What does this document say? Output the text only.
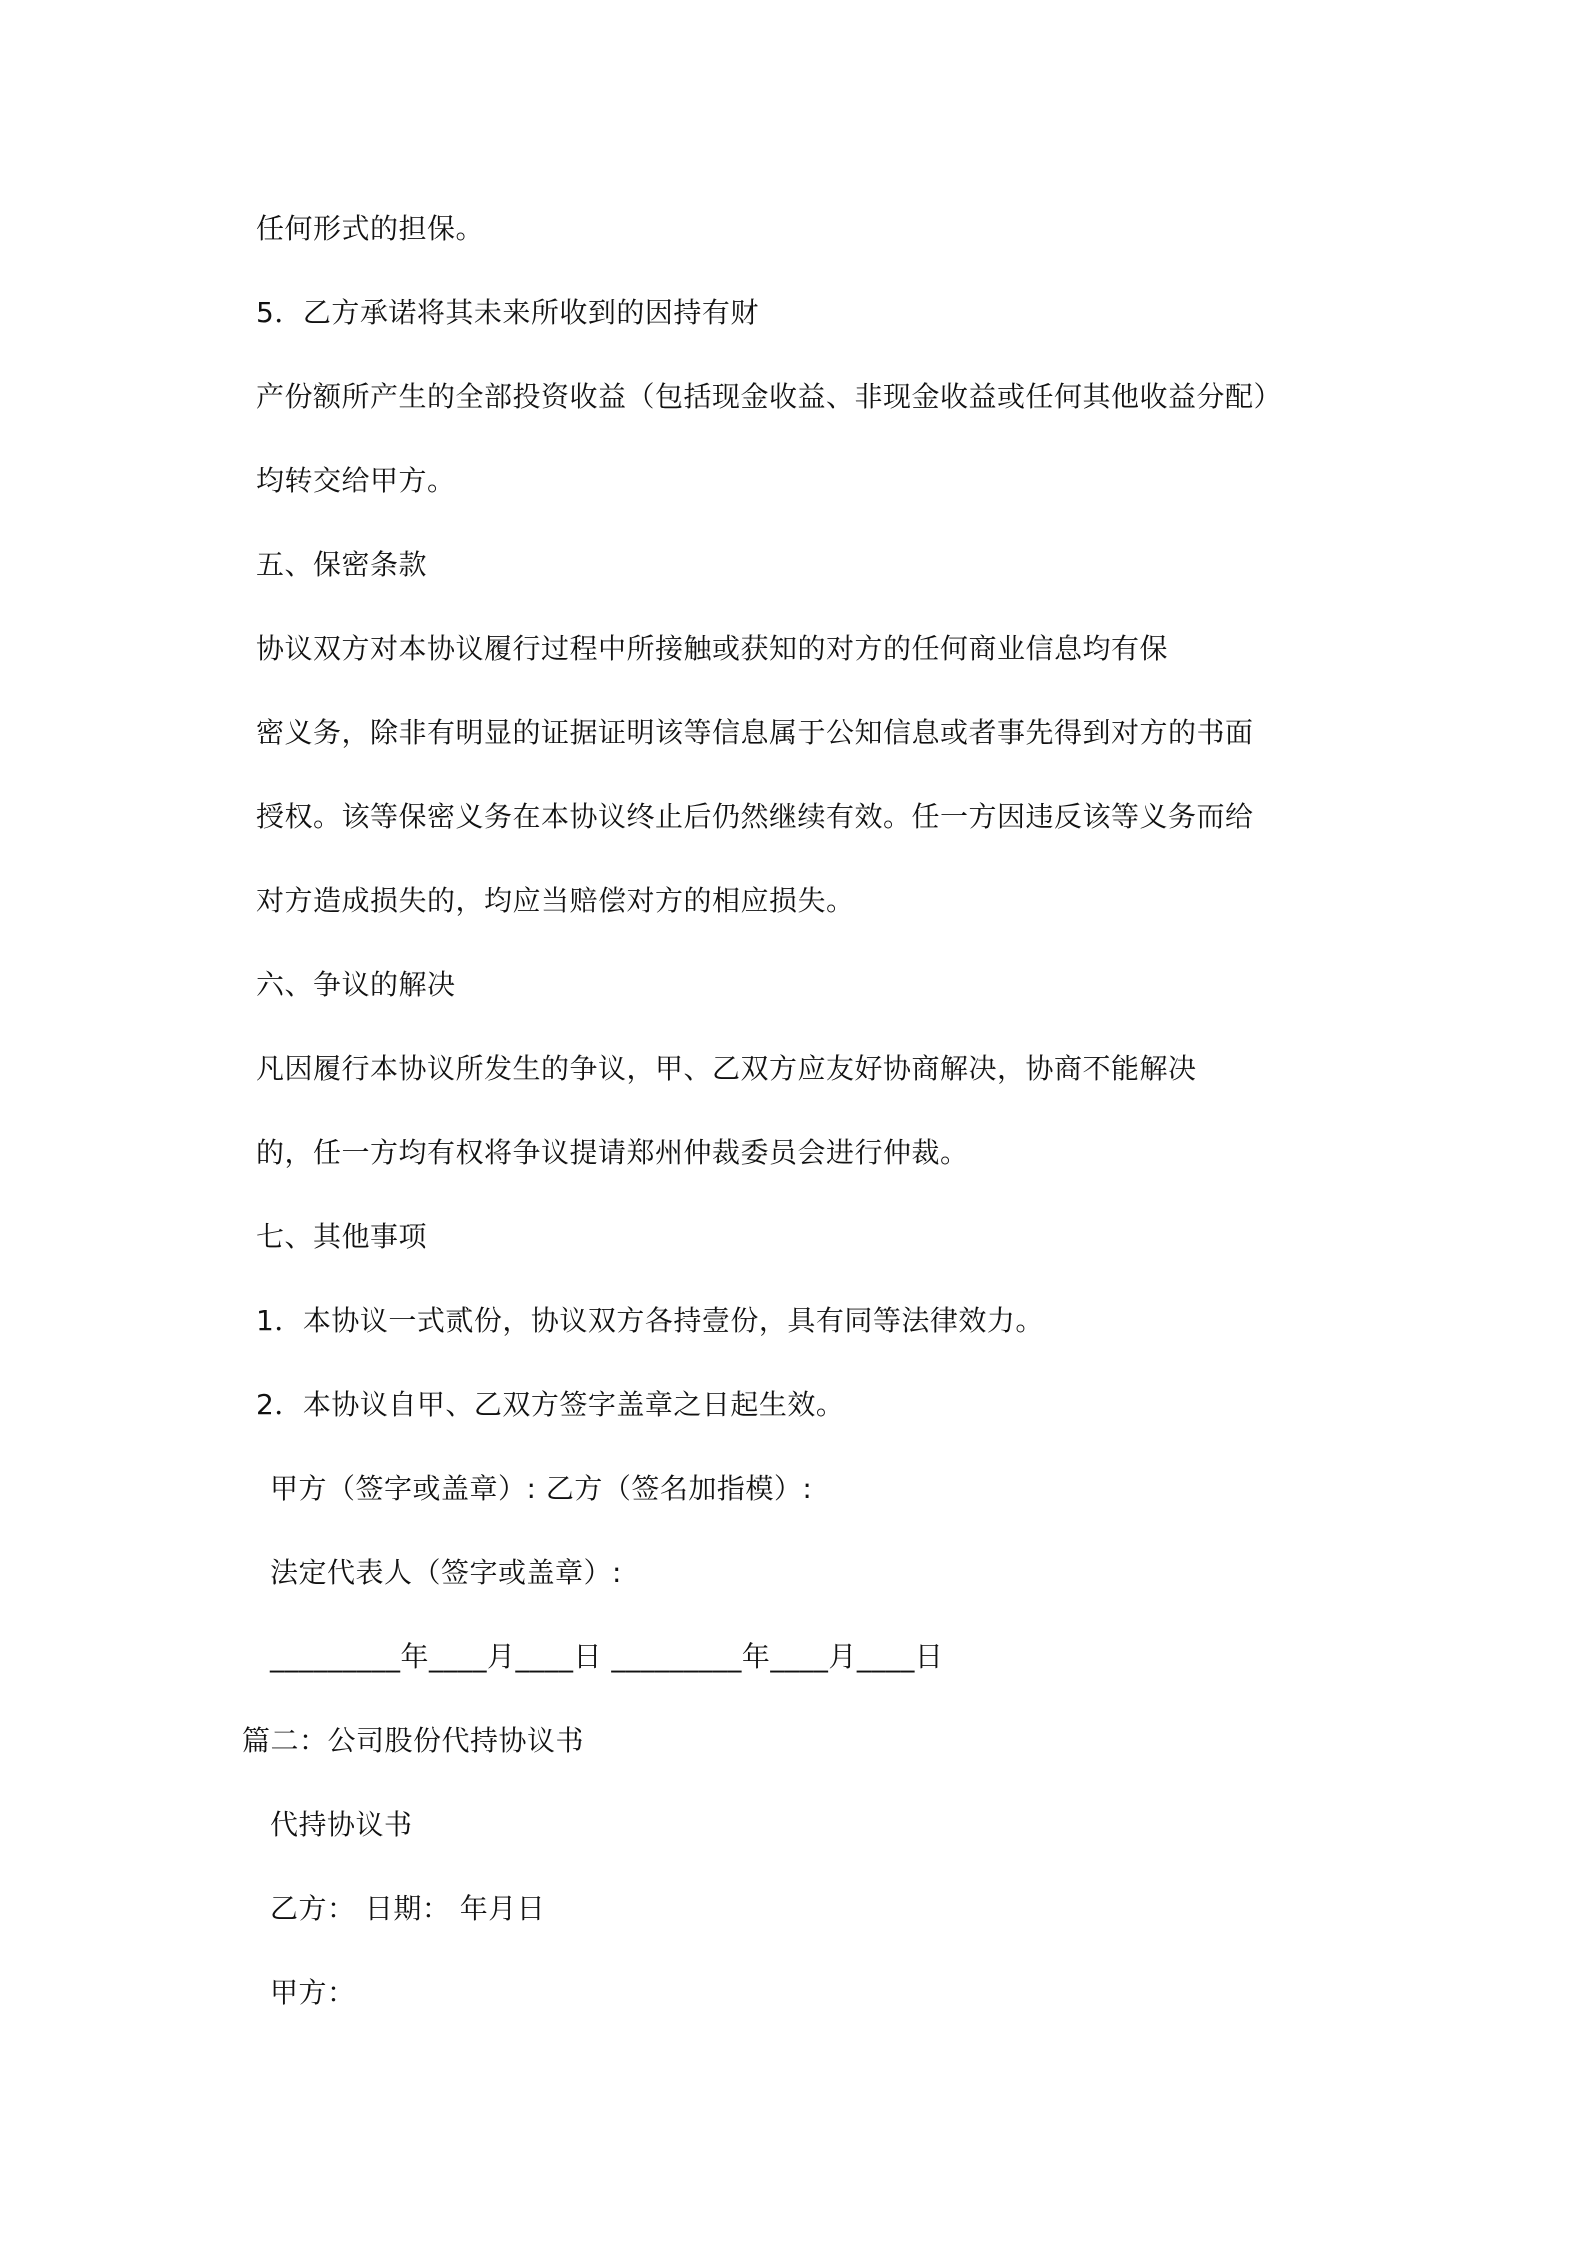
任何形式的担保。
5．乙方承诺将其未来所收到的因持有财
产份额所产生的全部投资收益（包括现金收益、非现金收益或任何其他收益分配）
均转交给甲方。
五、保密条款
协议双方对本协议履行过程中所接触或获知的对方的任何商业信息均有保
密义务，除非有明显的证据证明该等信息属于公知信息或者事先得到对方的书面
授权。该等保密义务在本协议终止后仍然继续有效。任一方因违反该等义务而给
对方造成损失的，均应当赔偿对方的相应损失。
六、争议的解决
凡因履行本协议所发生的争议，甲、乙双方应友好协商解决，协商不能解决
的，任一方均有权将争议提请郑州仲裁委员会进行仲裁。
七、其他事项
1．本协议一式贰份，协议双方各持壹份，具有同等法律效力。
2．本协议自甲、乙双方签字盖章之日起生效。
甲方（签字或盖章）: 乙方（签名加指模）:
法定代表人（签字或盖章）:
_________年____月____日 _________年____月____日
篇二：公司股份代持协议书
代持协议书
乙方： 日期： 年月日
甲方：
